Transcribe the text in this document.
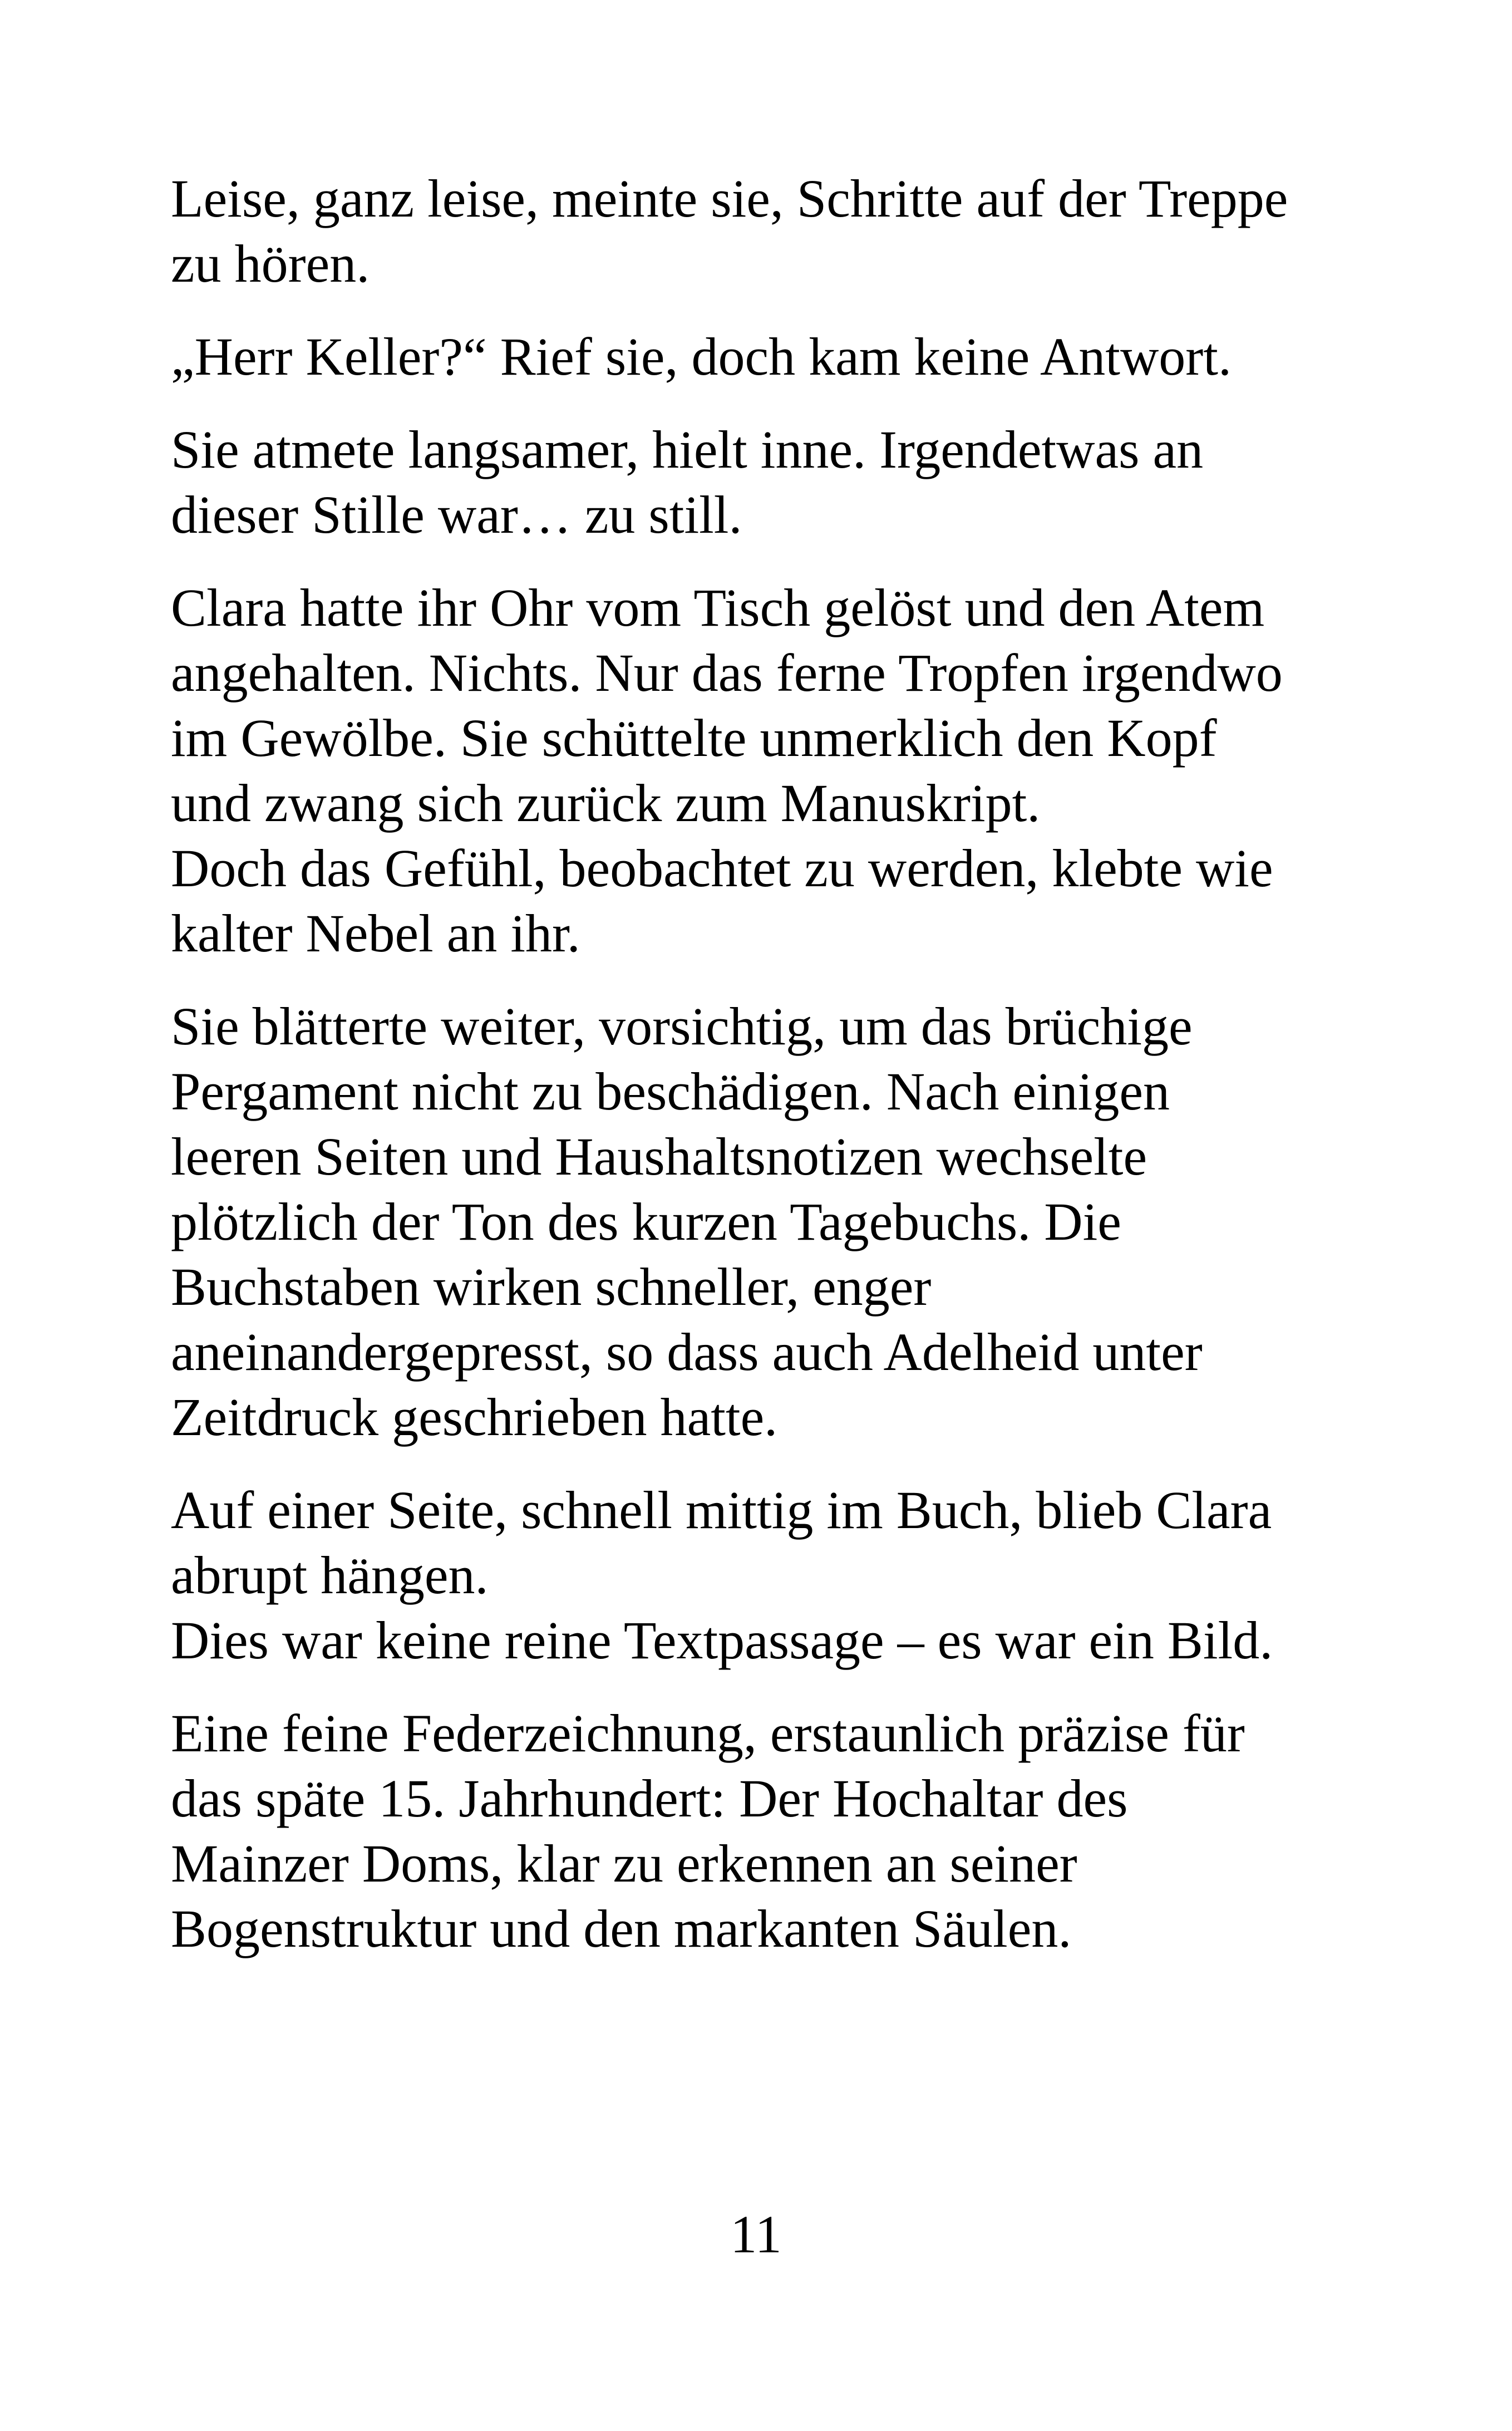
Leise, ganz leise, meinte sie, Schritte auf der Treppe
zu hören.

„Herr Keller?“ Rief sie, doch kam keine Antwort.

Sie atmete langsamer, hielt inne. Irgendetwas an
dieser Stille war… zu still.

Clara hatte ihr Ohr vom Tisch gelöst und den Atem
angehalten. Nichts. Nur das ferne Tropfen irgendwo
im Gewölbe. Sie schüttelte unmerklich den Kopf
und zwang sich zurück zum Manuskript.
Doch das Gefühl, beobachtet zu werden, klebte wie
kalter Nebel an ihr.

Sie blätterte weiter, vorsichtig, um das brüchige
Pergament nicht zu beschädigen. Nach einigen
leeren Seiten und Haushaltsnotizen wechselte
plötzlich der Ton des kurzen Tagebuchs. Die
Buchstaben wirken schneller, enger
aneinandergepresst, so dass auch Adelheid unter
Zeitdruck geschrieben hatte.

Auf einer Seite, schnell mittig im Buch, blieb Clara
abrupt hängen.
Dies war keine reine Textpassage – es war ein Bild.

Eine feine Federzeichnung, erstaunlich präzise für
das späte 15. Jahrhundert: Der Hochaltar des
Mainzer Doms, klar zu erkennen an seiner
Bogenstruktur und den markanten Säulen.

11
